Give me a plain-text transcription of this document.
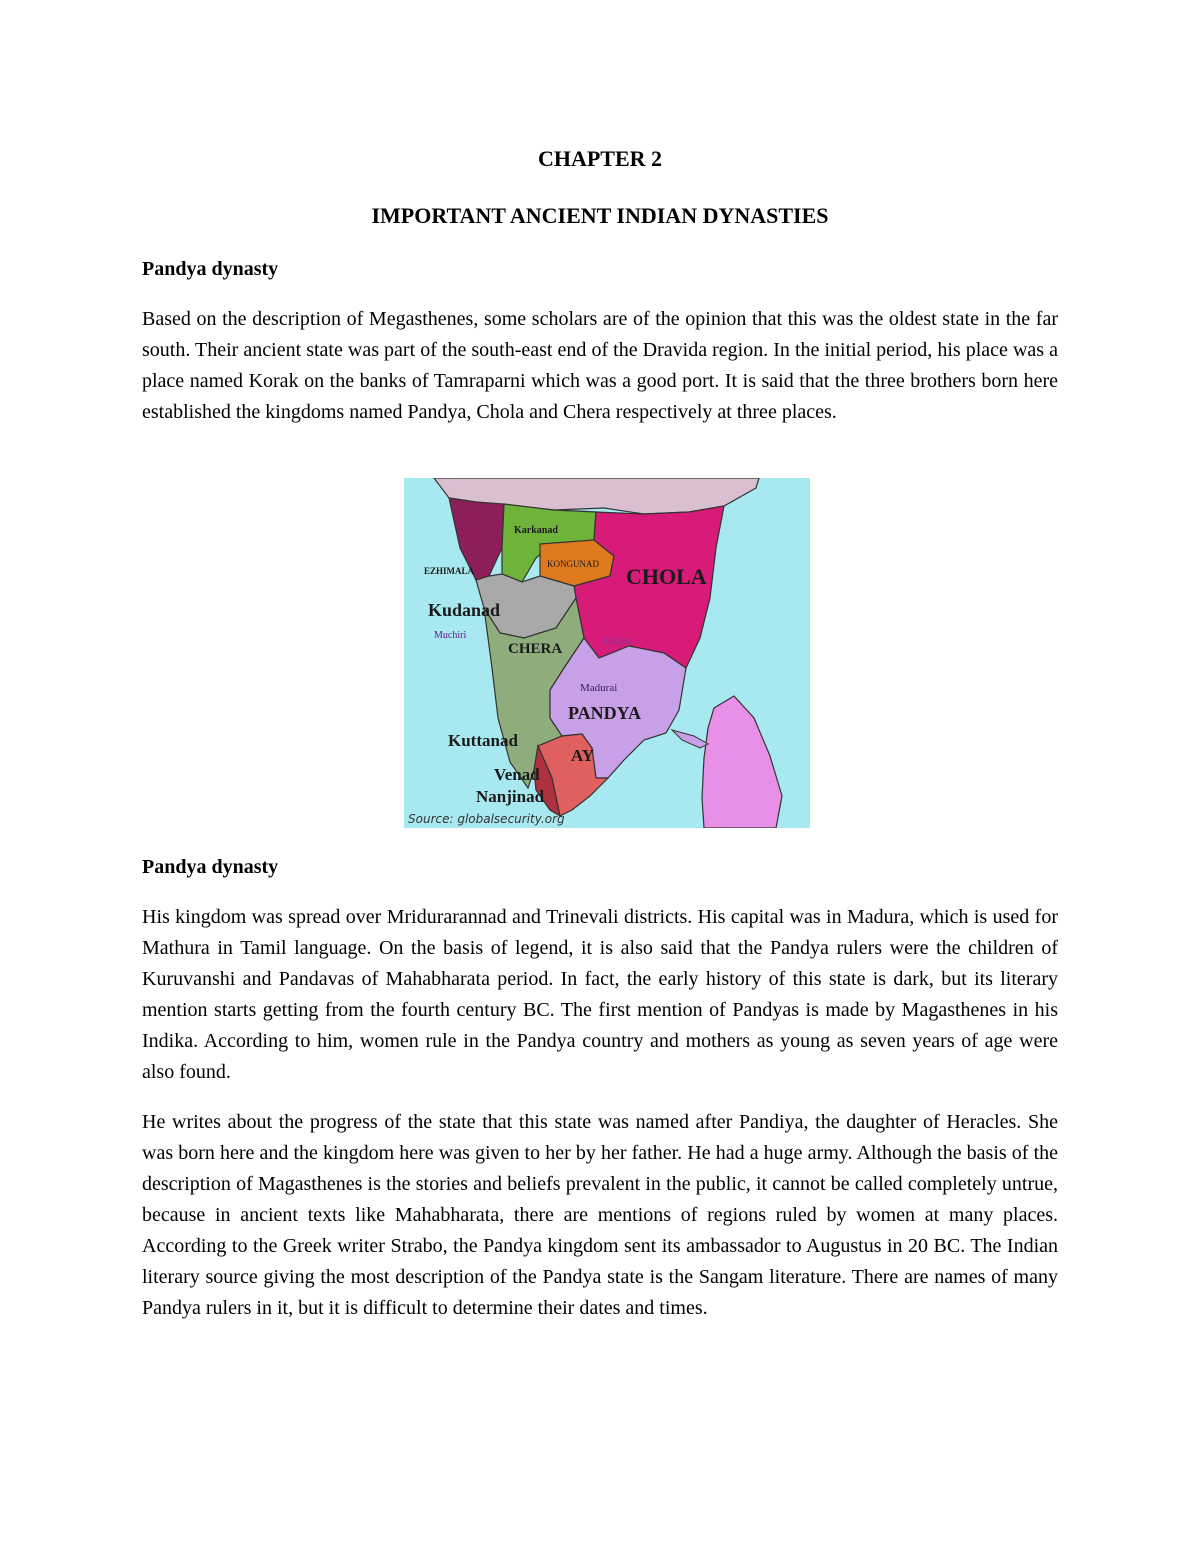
CHAPTER 2
IMPORTANT ANCIENT INDIAN DYNASTIES
Pandya dynasty

Based on the description of Megasthenes, some scholars are of the opinion that this was the oldest state in the far south. Their ancient state was part of the south-east end of the Dravida region. In the initial period, his place was a place named Korak on the banks of Tamraparni which was a good port. It is said that the three brothers born here established the kingdoms named Pandya, Chola and Chera respectively at three places.

Karkanad
KONGUNAD CHOLA
EZHIMALA
Kudanad
Muchiri
CHERA	Uraiyur
Madurai
PANDYA
Kuttanad
AY
Venad
Nanjinad
Source: globalsecurity.org
Pandya dynasty

His kingdom was spread over Mridurarannad and Trinevali districts. His capital was in Madura, which is used for Mathura in Tamil language. On the basis of legend, it is also said that the Pandya rulers were the children of Kuruvanshi and Pandavas of Mahabharata period. In fact, the early history of this state is dark, but its literary mention starts getting from the fourth century BC. The first mention of Pandyas is made by Magasthenes in his Indika. According to him, women rule in the Pandya country and mothers as young as seven years of age were also found.

He writes about the progress of the state that this state was named after Pandiya, the daughter of Heracles. She was born here and the kingdom here was given to her by her father. He had a huge army. Although the basis of the description of Magasthenes is the stories and beliefs prevalent in the public, it cannot be called completely untrue, because in ancient texts like Mahabharata, there are mentions of regions ruled by women at many places. According to the Greek writer Strabo, the Pandya kingdom sent its ambassador to Augustus in 20 BC. The Indian literary source giving the most description of the Pandya state is the Sangam literature. There are names of many Pandya rulers in it, but it is difficult to determine their dates and times.
